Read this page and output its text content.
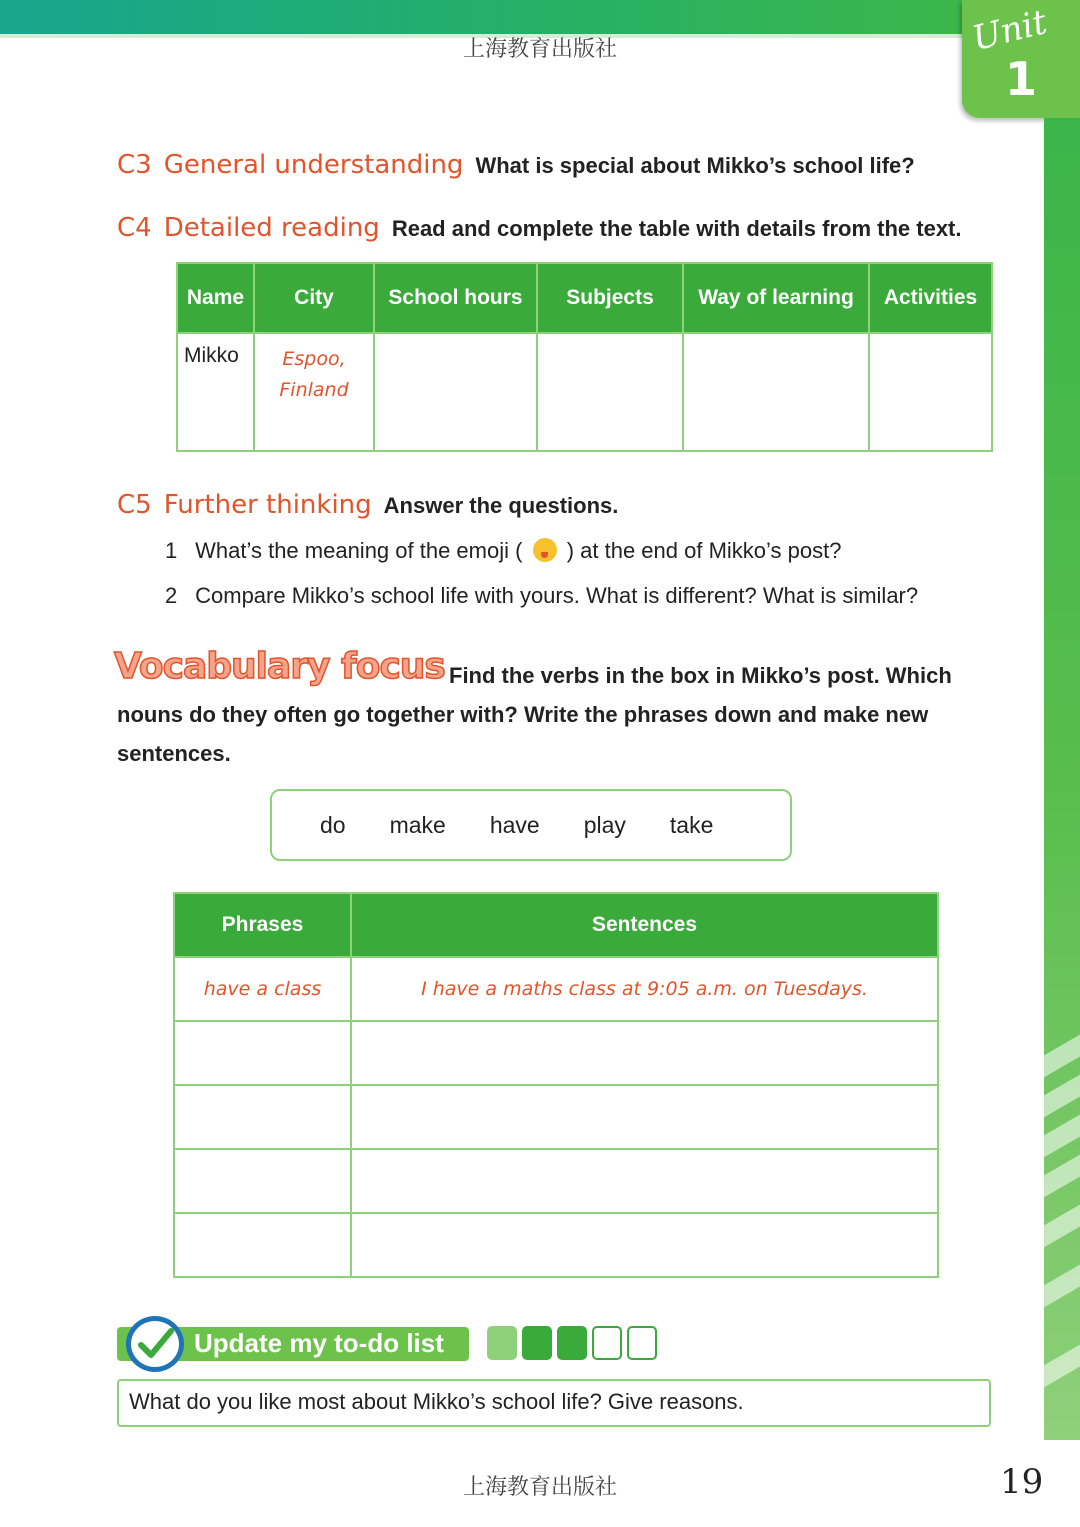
上海教育出版社	Unit
1
C3 General understanding What is special about Mikko’s school life?
C4 Detailed reading Read and complete the table with details from the text.
Name	City	School hours	Subjects	Way of learning	Activities
Mikko	Espoo,
Finland				

C5 Further thinking Answer the questions.
1 What’s the meaning of the emoji ( ) at the end of Mikko’s post?
2 Compare Mikko’s school life with yours. What is different? What is similar?
Find the verbs in the box in Mikko’s post. Which nouns do they often go together with? Write the phrases down and make new sentences.
Vocabulary focus
do make have play take
Phrases	Sentences
have a class	I have a maths class at 9:05 a.m. on Tuesdays.

Update my to-do list
What do you like most about Mikko’s school life? Give reasons.
上海教育出版社	19
